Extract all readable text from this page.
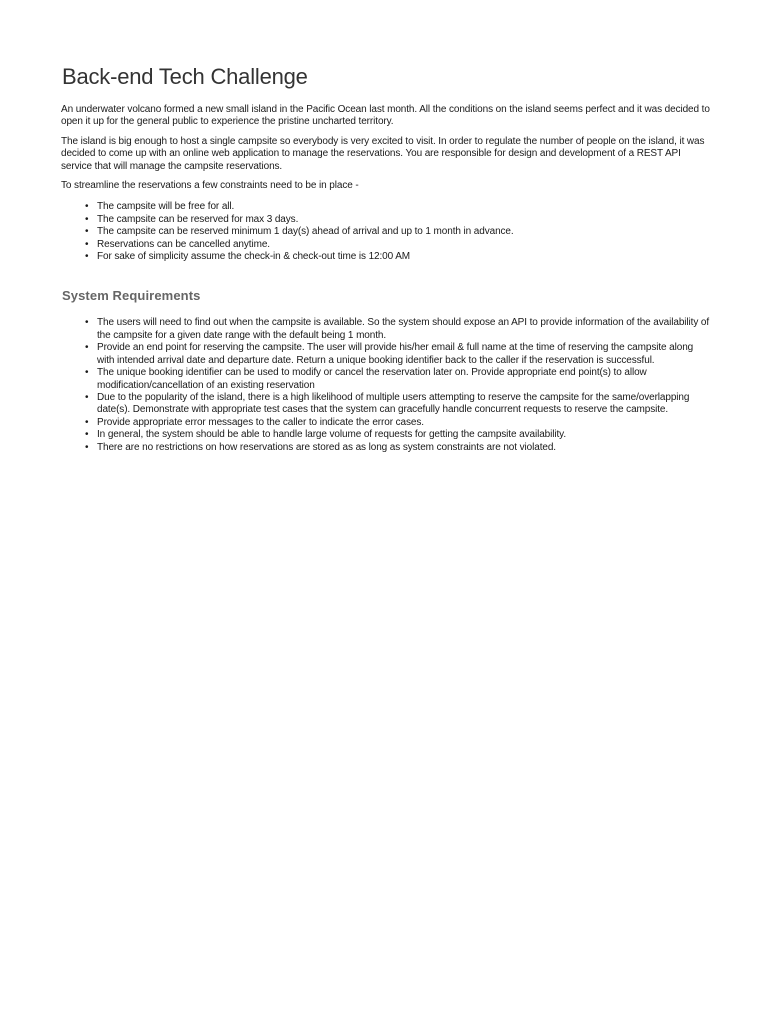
Back-end Tech Challenge

An underwater volcano formed a new small island in the Pacific Ocean last month. All the conditions on the island seems perfect and it was decided to open it up for the general public to experience the pristine uncharted territory.

The island is big enough to host a single campsite so everybody is very excited to visit. In order to regulate the number of people on the island, it was decided to come up with an online web application to manage the reservations. You are responsible for design and development of a REST API service that will manage the campsite reservations.

To streamline the reservations a few constraints need to be in place -

• The campsite will be free for all.
• The campsite can be reserved for max 3 days.
• The campsite can be reserved minimum 1 day(s) ahead of arrival and up to 1 month in advance.
• Reservations can be cancelled anytime.
• For sake of simplicity assume the check-in & check-out time is 12:00 AM
System Requirements
• The users will need to find out when the campsite is available. So the system should expose an API to provide information of the availability of the campsite for a given date range with the default being 1 month.
• Provide an end point for reserving the campsite. The user will provide his/her email & full name at the time of reserving the campsite along with intended arrival date and departure date. Return a unique booking identifier back to the caller if the reservation is successful.
• The unique booking identifier can be used to modify or cancel the reservation later on. Provide appropriate end point(s) to allow modification/cancellation of an existing reservation
• Due to the popularity of the island, there is a high likelihood of multiple users attempting to reserve the campsite for the same/overlapping date(s). Demonstrate with appropriate test cases that the system can gracefully handle concurrent requests to reserve the campsite.
• Provide appropriate error messages to the caller to indicate the error cases.
• In general, the system should be able to handle large volume of requests for getting the campsite availability.
• There are no restrictions on how reservations are stored as as long as system constraints are not violated.
